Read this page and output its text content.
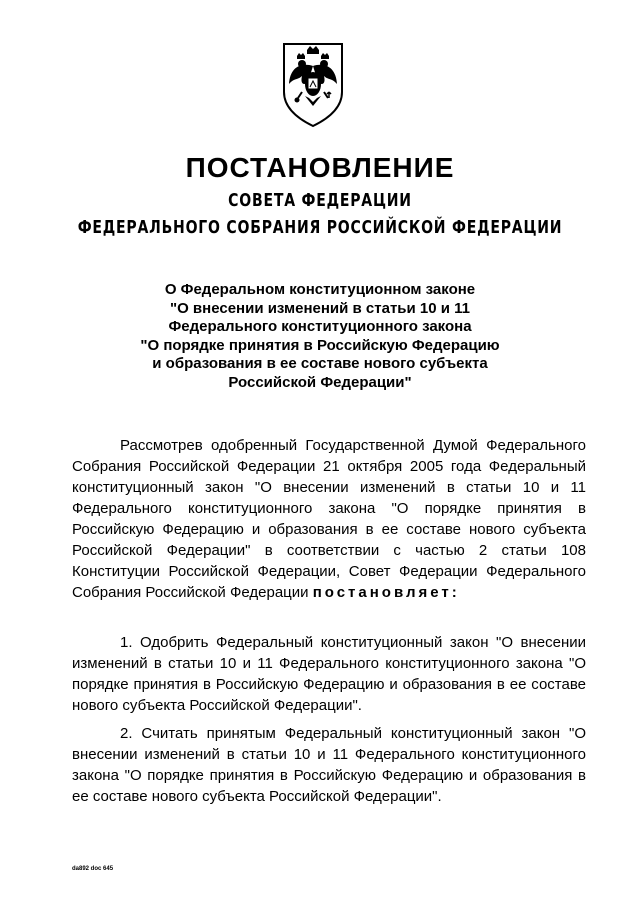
ПОСТАНОВЛЕНИЕ
СОВЕТА ФЕДЕРАЦИИ
ФЕДЕРАЛЬНОГО СОБРАНИЯ РОССИЙСКОЙ ФЕДЕРАЦИИ
О Федеральном конституционном законе
"О внесении изменений в статьи 10 и 11
Федерального конституционного закона
"О порядке принятия в Российскую Федерацию
и образования в ее составе нового субъекта
Российской Федерации"
Рассмотрев одобренный Государственной Думой Федерального Собрания Российской Федерации 21 октября 2005 года Федеральный конституционный закон "О внесении изменений в статьи 10 и 11 Федерального конституционного закона "О порядке принятия в Российскую Федерацию и образования в ее составе нового субъекта Российской Федерации" в соответствии с частью 2 статьи 108 Конституции Российской Федерации, Совет Федерации Федерального Собрания Российской Федерации постановляет:
1. Одобрить Федеральный конституционный закон "О внесении изменений в статьи 10 и 11 Федерального конституционного закона "О порядке принятия в Российскую Федерацию и образования в ее составе нового субъекта Российской Федерации".
2. Считать принятым Федеральный конституционный закон "О внесении изменений в статьи 10 и 11 Федерального конституционного закона "О порядке принятия в Российскую Федерацию и образования в ее составе нового субъекта Российской Федерации".
da892 doc 645
